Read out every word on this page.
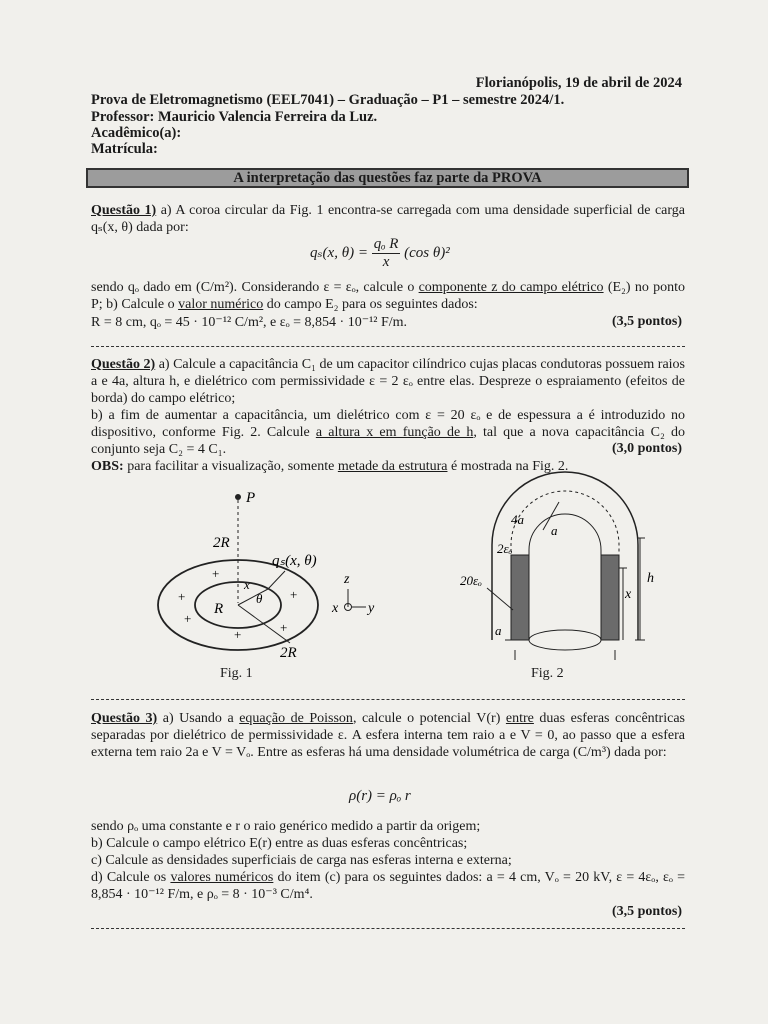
Florianópolis, 19 de abril de 2024
Prova de Eletromagnetismo (EEL7041) – Graduação – P1 – semestre 2024/1.
Professor: Mauricio Valencia Ferreira da Luz.
Acadêmico(a):
Matrícula:
A interpretação das questões faz parte da PROVA
Questão 1) a) A coroa circular da Fig. 1 encontra-se carregada com uma densidade superficial de carga qₛ(x, θ) dada por:
qₛ(x, $\theta) = \frac{\text{qₒ R}}{x} (\cos$ θ)²
sendo qₒ dado em (C/m²). Considerando ε = εₒ, calcule o componente z do campo elétrico (E₂) no ponto P; b) Calcule o valor numérico do campo E₂ para os seguintes dados:
R = 8 cm, qₒ = 45 · 10⁻¹² C/m², e εₒ = 8,854 · 10⁻¹² F/m.	(3,5 pontos)
Questão 2) a) Calcule a capacitância C₁ de um capacitor cilíndrico cujas placas condutoras possuem raios a e 4a, altura h, e dielétrico com permissividade ε = 2 εₒ entre elas. Despreze o espraiamento (efeitos de borda) do campo elétrico;
b) a fim de aumentar a capacitância, um dielétrico com ε = 20 εₒ e de espessura a é introduzido no dispositivo, conforme Fig. 2. Calcule a altura x em função de h, tal que a nova capacitância C₂ do conjunto seja C₂ = 4 C₁.	(3,0 pontos)
OBS: para facilitar a visualização, somente metade da estrutura é mostrada na Fig. 2.
P
2R
qₛ(x, θ)
x
θ
R
2R
+
+
+
+	+
+
z
x y
Fig. 1
4a
a
2εₒ
20εₒ
a
h
x
Fig. 2
Questão 3) a) Usando a equação de Poisson, calcule o potencial V(r) entre duas esferas concêntricas separadas por dielétrico de permissividade ε. A esfera interna tem raio a e V = 0, ao passo que a esfera externa tem raio 2a e V = Vₒ. Entre as esferas há uma densidade volumétrica de carga (C/m³) dada por:
ρ(r) = ρₒ r
sendo ρₒ uma constante e r o raio genérico medido a partir da origem;
b) Calcule o campo elétrico E(r) entre as duas esferas concêntricas;
c) Calcule as densidades superficiais de carga nas esferas interna e externa;
d) Calcule os valores numéricos do item (c) para os seguintes dados: a = 4 cm, Vₒ = 20 kV, ε = 4εₒ, εₒ = 8,854 · 10⁻¹² F/m, e ρₒ = 8 · 10⁻³ C/m⁴.
(3,5 pontos)
